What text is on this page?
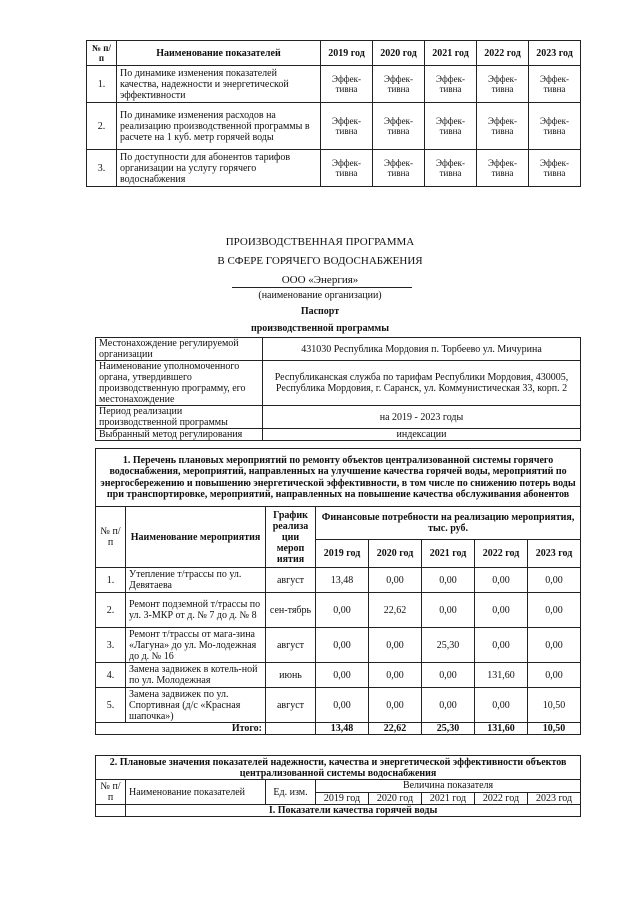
№ п/п	Наименование показателей	2019 год	2020 год	2021 год	2022 год	2023 год
1.	По динамике изменения показателей качества, надежности и энергетической эффективности	Эффек-тивна	Эффек-тивна	Эффек-тивна	Эффек-тивна	Эффек-тивна
2.	По динамике изменения расходов на реализацию производственной программы в расчете на 1 куб. метр горячей воды	Эффек-тивна	Эффек-тивна	Эффек-тивна	Эффек-тивна	Эффек-тивна
3.	По доступности для абонентов тарифов организации на услугу горячего водоснабжения	Эффек-тивна	Эффек-тивна	Эффек-тивна	Эффек-тивна	Эффек-тивна
ПРОИЗВОДСТВЕННАЯ ПРОГРАММА
В СФЕРЕ ГОРЯЧЕГО ВОДОСНАБЖЕНИЯ
ООО «Энергия»
(наименование организации)
Паспорт
производственной программы
Местонахождение регулируемой организации	431030 Республика Мордовия п. Торбеево ул. Мичурина
Наименование уполномоченного органа, утвердившего производственную программу, его местонахождение	Республиканская служба по тарифам Республики Мордовия, 430005, Республика Мордовия, г. Саранск, ул. Коммунистическая 33, корп. 2
Период реализации производственной программы	на 2019 - 2023 годы
Выбранный метод регулирования	индексации
1. Перечень плановых мероприятий по ремонту объектов централизованной системы горячего водоснабжения, мероприятий, направленных на улучшение качества горячей воды, мероприятий по энергосбережению и повышению энергетической эффективности, в том числе по снижению потерь воды при транспортировке, мероприятий, направленных на повышение качества обслуживания абонентов							
№ п/п	Наименование мероприятия	График реализа ции мероп иятия	Финансовые потребности на реализацию мероприятия, тыс. руб.				
			2019 год	2020 год	2021 год	2022 год	2023 год
1.	Утепление т/трассы по ул. Девятаева	август	13,48	0,00	0,00	0,00	0,00
2.	Ремонт подземной т/трассы по ул. 3-МКР от д. № 7 до д. № 8	сен-тябрь	0,00	22,62	0,00	0,00	0,00
3.	Ремонт т/трассы от мага-зина «Лагуна» до ул. Мо-лодежная до д. № 16	август	0,00	0,00	25,30	0,00	0,00
4.	Замена задвижек в котель-ной по ул. Молодежная	июнь	0,00	0,00	0,00	131,60	0,00
5.	Замена задвижек по ул. Спортивная (д/с «Красная шапочка»)	август	0,00	0,00	0,00	0,00	10,50
Итого:			13,48	22,62	25,30	131,60	10,50
2. Плановые значения показателей надежности, качества и энергетической эффективности объектов централизованной системы водоснабжения							
№ п/п	Наименование показателей	Ед. изм.	Величина показателя				
			2019 год	2020 год	2021 год	2022 год	2023 год
	I. Показатели качества горячей воды						
